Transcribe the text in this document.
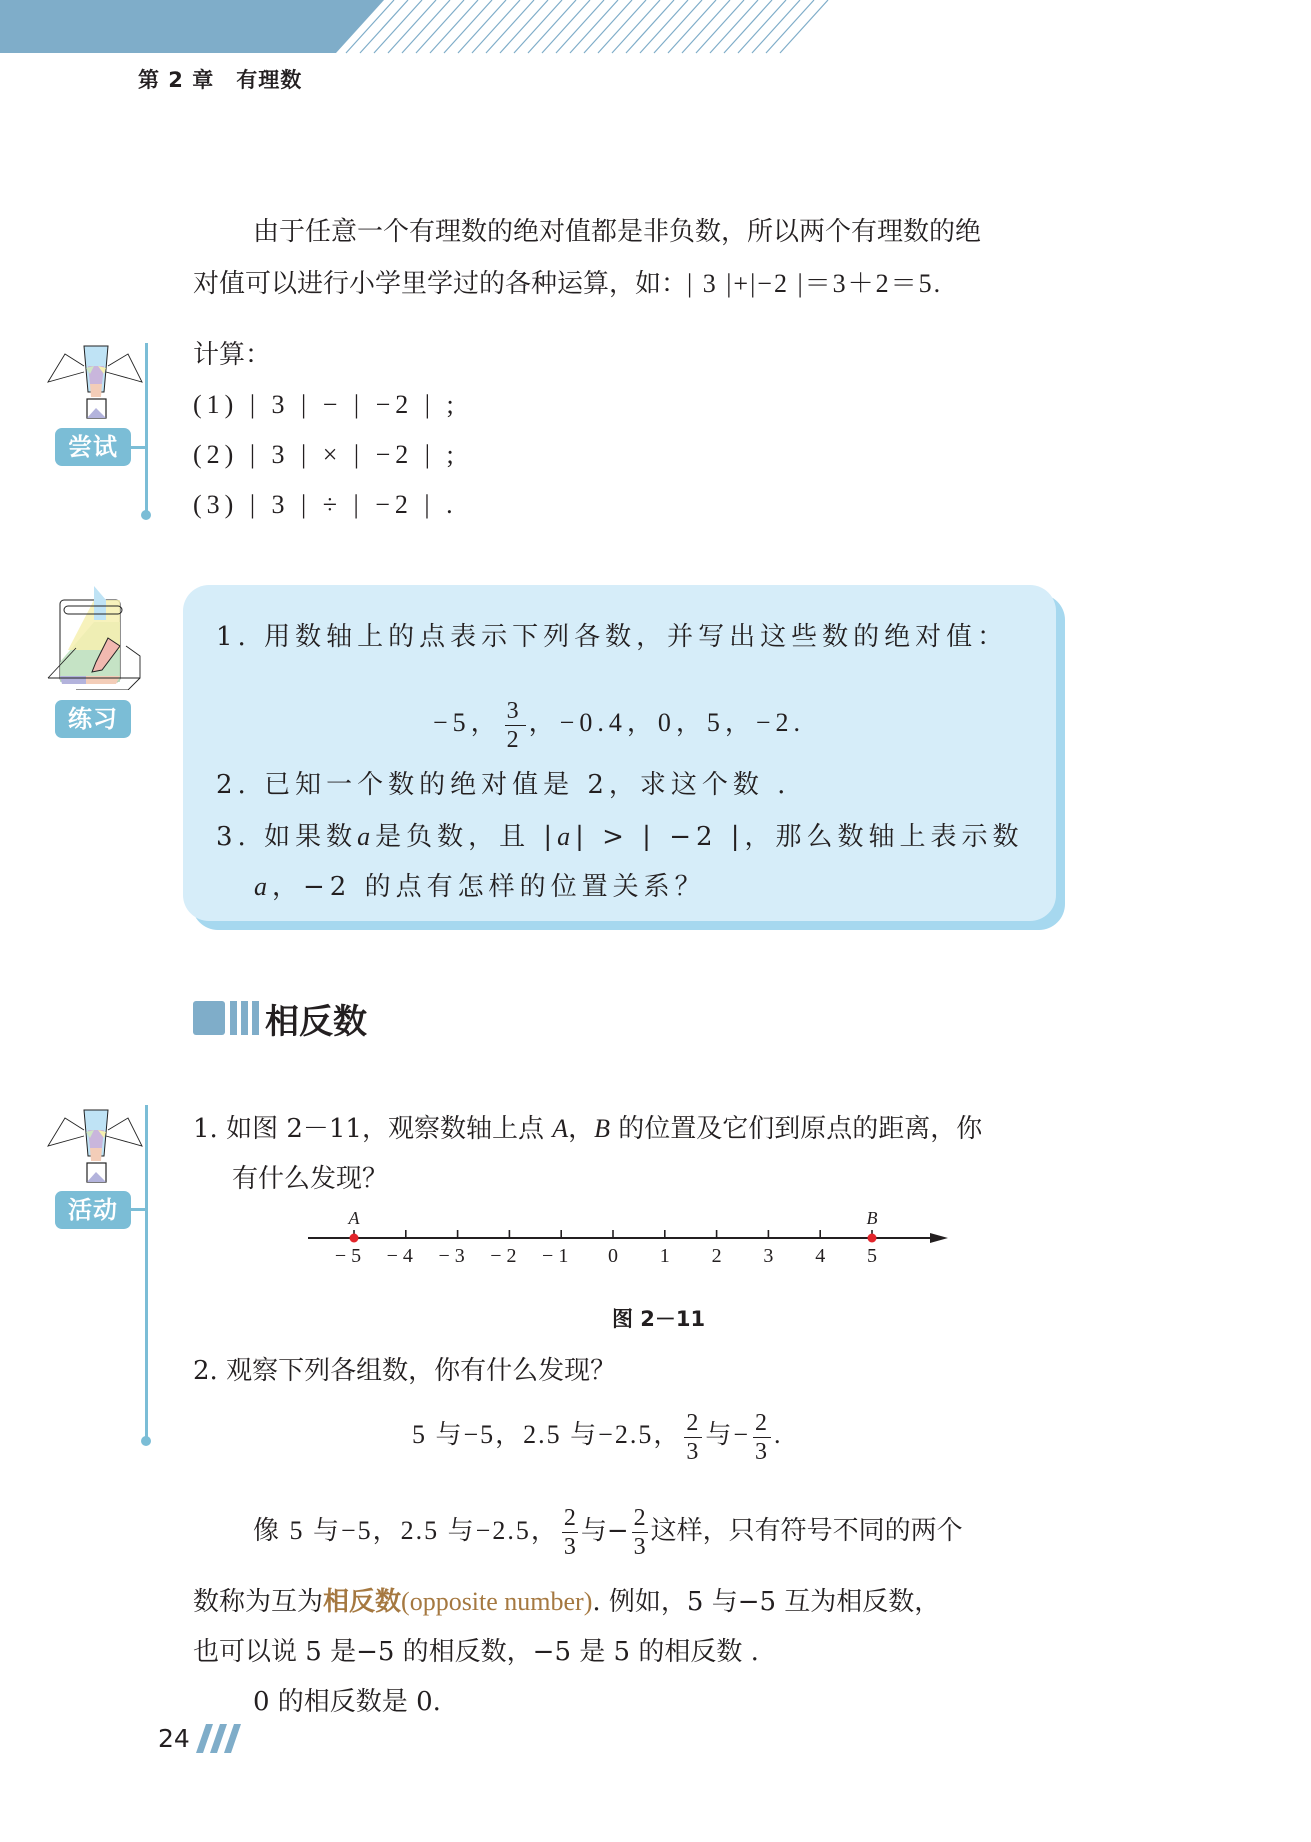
第 2 章 有理数
由于任意一个有理数的绝对值都是非负数，所以两个有理数的绝
对值可以进行小学里学过的各种运算，如：| 3 |+|−2 |＝3＋2＝5.
尝试
计算：
(1) | 3 | − | −2 | ;
(2) | 3 | × | −2 | ;
(3) | 3 | ÷ | −2 | .
练习
1. 用数轴上的点表示下列各数，并写出这些数的绝对值：
−5， $\frac{3}{2}$ ，−0.4，0，5，−2.
2. 已知一个数的绝对值是 2，求这个数 .
3. 如果数a是负数，且 |a| > | −2 |，那么数轴上表示数
a，−2 的点有怎样的位置关系？
相反数
活动
1. 如图 2－11，观察数轴上点 A，B 的位置及它们到原点的距离，你
有什么发现？
− 5 − 4 − 3 − 2 − 1 0 1 2 3 4 5
A	B
图 2－11
2. 观察下列各组数，你有什么发现？
5 与−5，2.5 与−2.5， $\frac{2}{3}$ 与− $\frac{2}{3}$ .
像 5 与−5，2.5 与−2.5， $\frac{2}{3}$ 与− $\frac{2}{3}$ 这样，只有符号不同的两个
数称为互为相反数(opposite number). 例如，5 与−5 互为相反数，
也可以说 5 是−5 的相反数，−5 是 5 的相反数 .
0 的相反数是 0.
24
